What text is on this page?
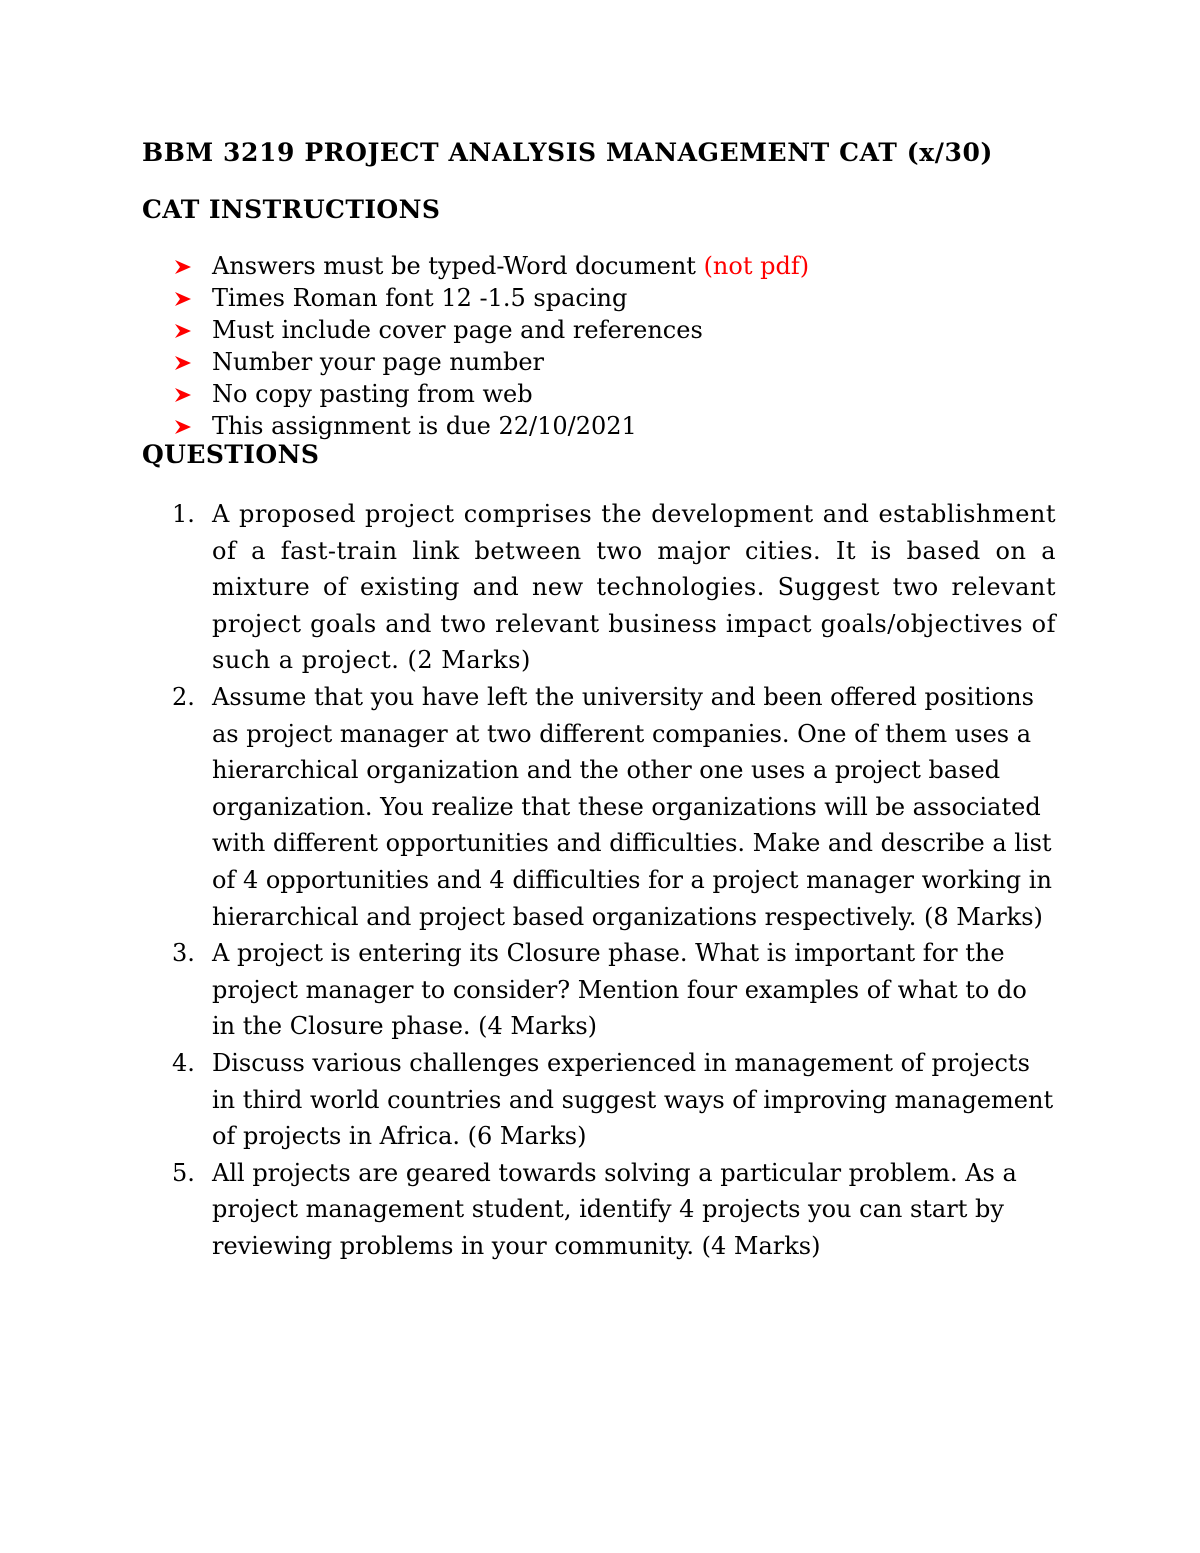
BBM 3219 PROJECT ANALYSIS MANAGEMENT CAT (x/30)
CAT INSTRUCTIONS
Answers must be typed-Word document (not pdf)
Times Roman font 12 -1.5 spacing
Must include cover page and references
Number your page number
No copy pasting from web
This assignment is due 22/10/2021
QUESTIONS
1. A proposed project comprises the development and establishment of a fast-train link between two major cities. It is based on a mixture of existing and new technologies. Suggest two relevant project goals and two relevant business impact goals/objectives of such a project. (2 Marks)
2. Assume that you have left the university and been offered positions as project manager at two different companies. One of them uses a hierarchical organization and the other one uses a project based organization. You realize that these organizations will be associated with different opportunities and difficulties. Make and describe a list of 4 opportunities and 4 difficulties for a project manager working in hierarchical and project based organizations respectively. (8 Marks)
3. A project is entering its Closure phase. What is important for the project manager to consider? Mention four examples of what to do in the Closure phase. (4 Marks)
4. Discuss various challenges experienced in management of projects in third world countries and suggest ways of improving management of projects in Africa. (6 Marks)
5. All projects are geared towards solving a particular problem. As a project management student, identify 4 projects you can start by reviewing problems in your community. (4 Marks)
